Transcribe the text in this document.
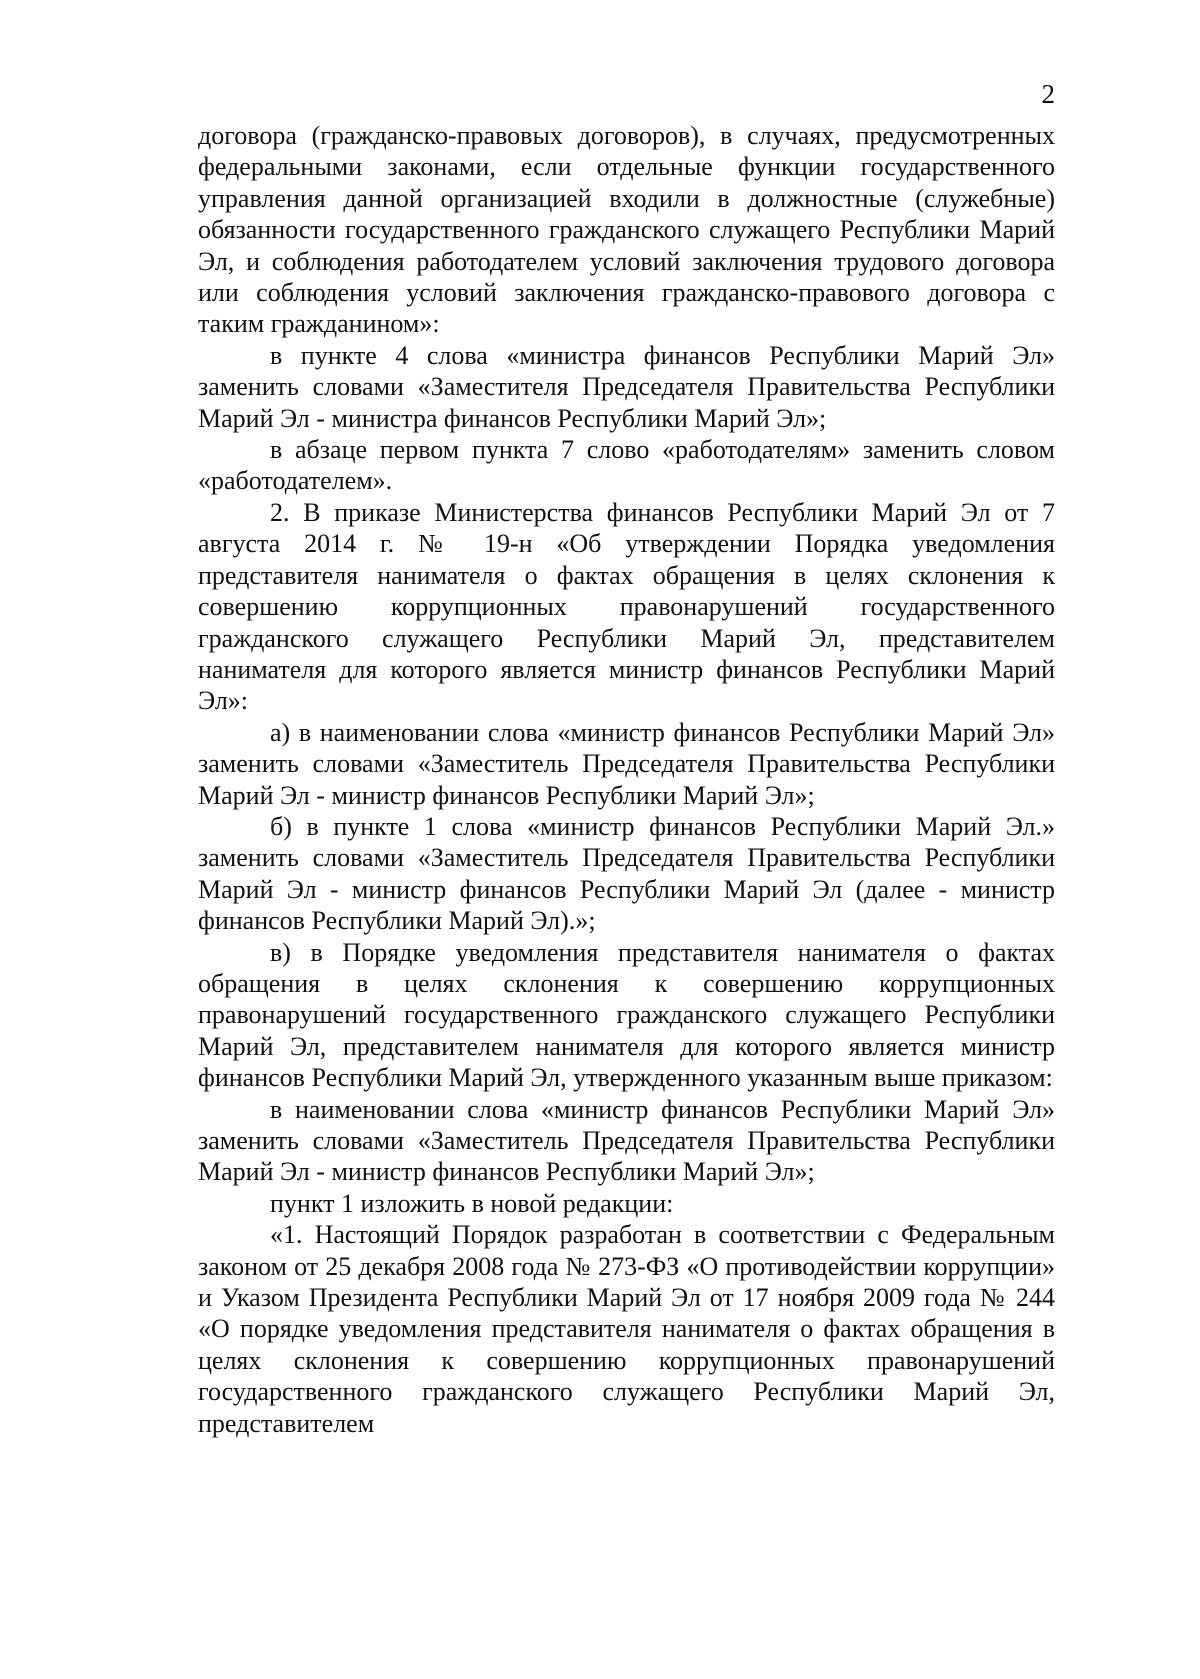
2

договора (гражданско-правовых договоров), в случаях, предусмотренных федеральными законами, если отдельные функции государственного управления данной организацией входили в должностные (служебные) обязанности государственного гражданского служащего Республики Марий Эл, и соблюдения работодателем условий заключения трудового договора или соблюдения условий заключения гражданско-правового договора с таким гражданином»:

в пункте 4 слова «министра финансов Республики Марий Эл» заменить словами «Заместителя Председателя Правительства Республики Марий Эл - министра финансов Республики Марий Эл»;

в абзаце первом пункта 7 слово «работодателям» заменить словом «работодателем».

2. В приказе Министерства финансов Республики Марий Эл от 7 августа 2014 г. № 19-н «Об утверждении Порядка уведомления представителя нанимателя о фактах обращения в целях склонения к совершению коррупционных правонарушений государственного гражданского служащего Республики Марий Эл, представителем нанимателя для которого является министр финансов Республики Марий Эл»:

а) в наименовании слова «министр финансов Республики Марий Эл» заменить словами «Заместитель Председателя Правительства Республики Марий Эл - министр финансов Республики Марий Эл»;

б) в пункте 1 слова «министр финансов Республики Марий Эл.» заменить словами «Заместитель Председателя Правительства Республики Марий Эл - министр финансов Республики Марий Эл (далее - министр финансов Республики Марий Эл).»;

в) в Порядке уведомления представителя нанимателя о фактах обращения в целях склонения к совершению коррупционных правонарушений государственного гражданского служащего Республики Марий Эл, представителем нанимателя для которого является министр финансов Республики Марий Эл, утвержденного указанным выше приказом:

в наименовании слова «министр финансов Республики Марий Эл» заменить словами «Заместитель Председателя Правительства Республики Марий Эл - министр финансов Республики Марий Эл»;

пункт 1 изложить в новой редакции:

«1. Настоящий Порядок разработан в соответствии с Федеральным законом от 25 декабря 2008 года № 273-ФЗ «О противодействии коррупции» и Указом Президента Республики Марий Эл от 17 ноября 2009 года № 244 «О порядке уведомления представителя нанимателя о фактах обращения в целях склонения к совершению коррупционных правонарушений государственного гражданского служащего Республики Марий Эл, представителем
